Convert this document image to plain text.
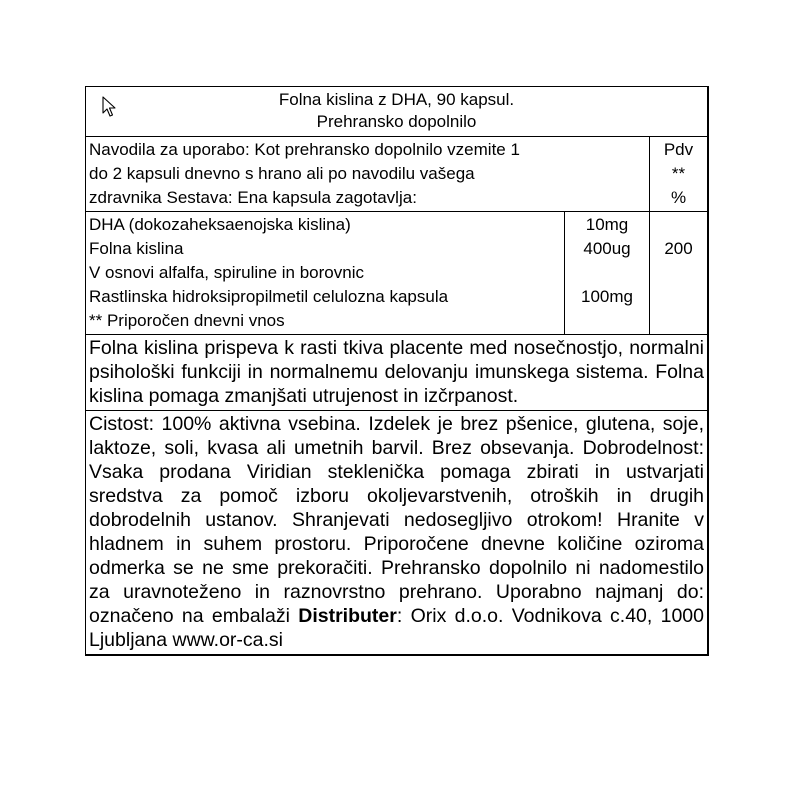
Folna kislina z DHA, 90 kapsul.
Prehransko dopolnilo
Navodila za uporabo: Kot prehransko dopolnilo vzemite 1
do 2 kapsuli dnevno s hrano ali po navodilu vašega
zdravnika Sestava: Ena kapsula zagotavlja:
Pdv
**
%
DHA (dokozaheksaenojska kislina)
Folna kislina
V osnovi alfalfa, spiruline in borovnic
Rastlinska hidroksipropilmetil celulozna kapsula
** Priporočen dnevni vnos
10mg
400ug

100mg

200
Folna kislina prispeva k rasti tkiva placente med nosečnostjo, normalni psihološki funkciji in normalnemu delovanju imunskega sistema. Folna kislina pomaga zmanjšati utrujenost in izčrpanost.
Cistost: 100% aktivna vsebina. Izdelek je brez pšenice, glutena, soje, laktoze, soli, kvasa ali umetnih barvil. Brez obsevanja. Dobrodelnost: Vsaka prodana Viridian steklenička pomaga zbirati in ustvarjati sredstva za pomoč izboru okoljevarstvenih, otroških in drugih dobrodelnih ustanov. Shranjevati nedosegljivo otrokom! Hranite v hladnem in suhem prostoru. Priporočene dnevne količine oziroma odmerka se ne sme prekoračiti. Prehransko dopolnilo ni nadomestilo za uravnoteženo in raznovrstno prehrano. Uporabno najmanj do: označeno na embalaži Distributer: Orix d.o.o. Vodnikova c.40, 1000 Ljubljana www.or-ca.si
